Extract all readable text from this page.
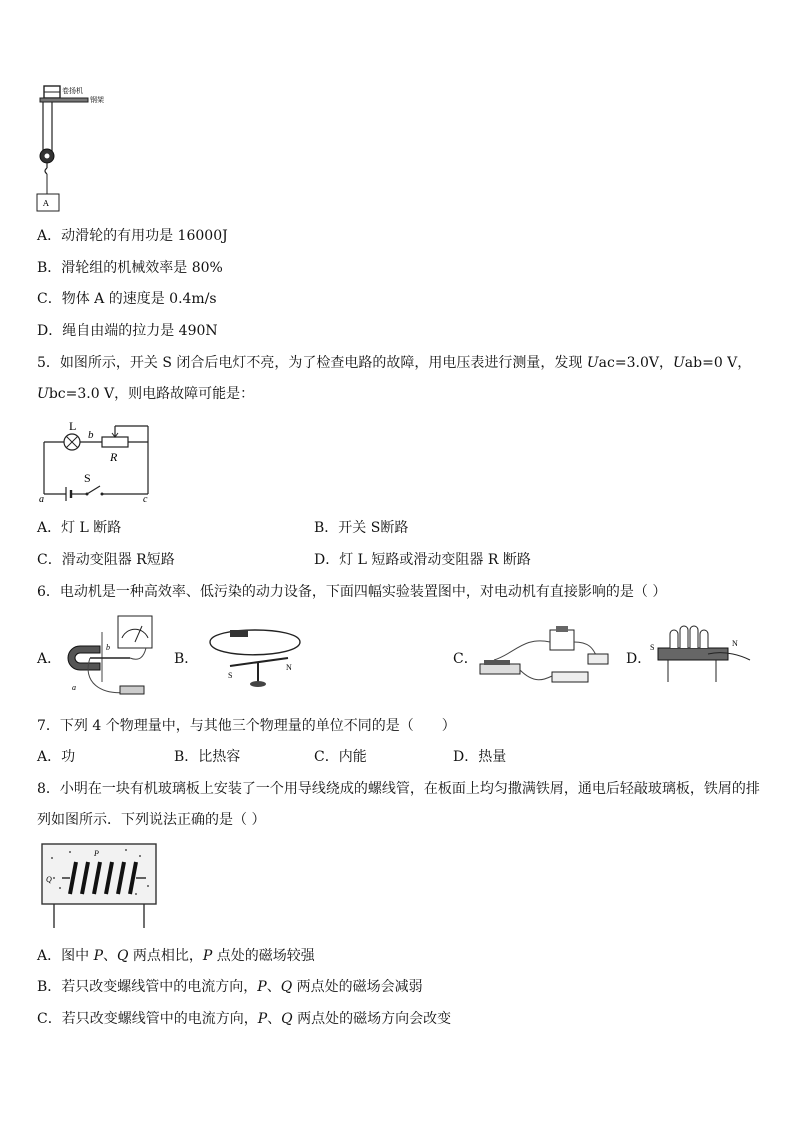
卷扬机
钢架
A
A．动滑轮的有用功是 16000J
B．滑轮组的机械效率是 80%
C．物体 A 的速度是 0.4m/s
D．绳自由端的拉力是 490N
5．如图所示，开关 S 闭合后电灯不亮，为了检查电路的故障，用电压表进行测量，发现 Uac=3.0V，Uab=0 V，
Ubc=3.0 V，则电路故障可能是：
L
b
R
S
a	c
A．灯 L 断路	B．开关 S断路
C．滑动变阻器 R短路	D．灯 L 短路或滑动变阻器 R 断路
6．电动机是一种高效率、低污染的动力设备，下面四幅实验装置图中，对电动机有直接影响的是（ ）
A．
b
a
B．
S
N
C．	D．
S	N
7．下列 4 个物理量中，与其他三个物理量的单位不同的是（　　）
A．功	B．比热容	C．内能	D．热量
8．小明在一块有机玻璃板上安装了一个用导线绕成的螺线管，在板面上均匀撒满铁屑，通电后轻敲玻璃板，铁屑的排
列如图所示．下列说法正确的是（ ）
P
Q
A．图中 P、Q 两点相比，P 点处的磁场较强
B．若只改变螺线管中的电流方向，P、Q 两点处的磁场会减弱
C．若只改变螺线管中的电流方向，P、Q 两点处的磁场方向会改变
